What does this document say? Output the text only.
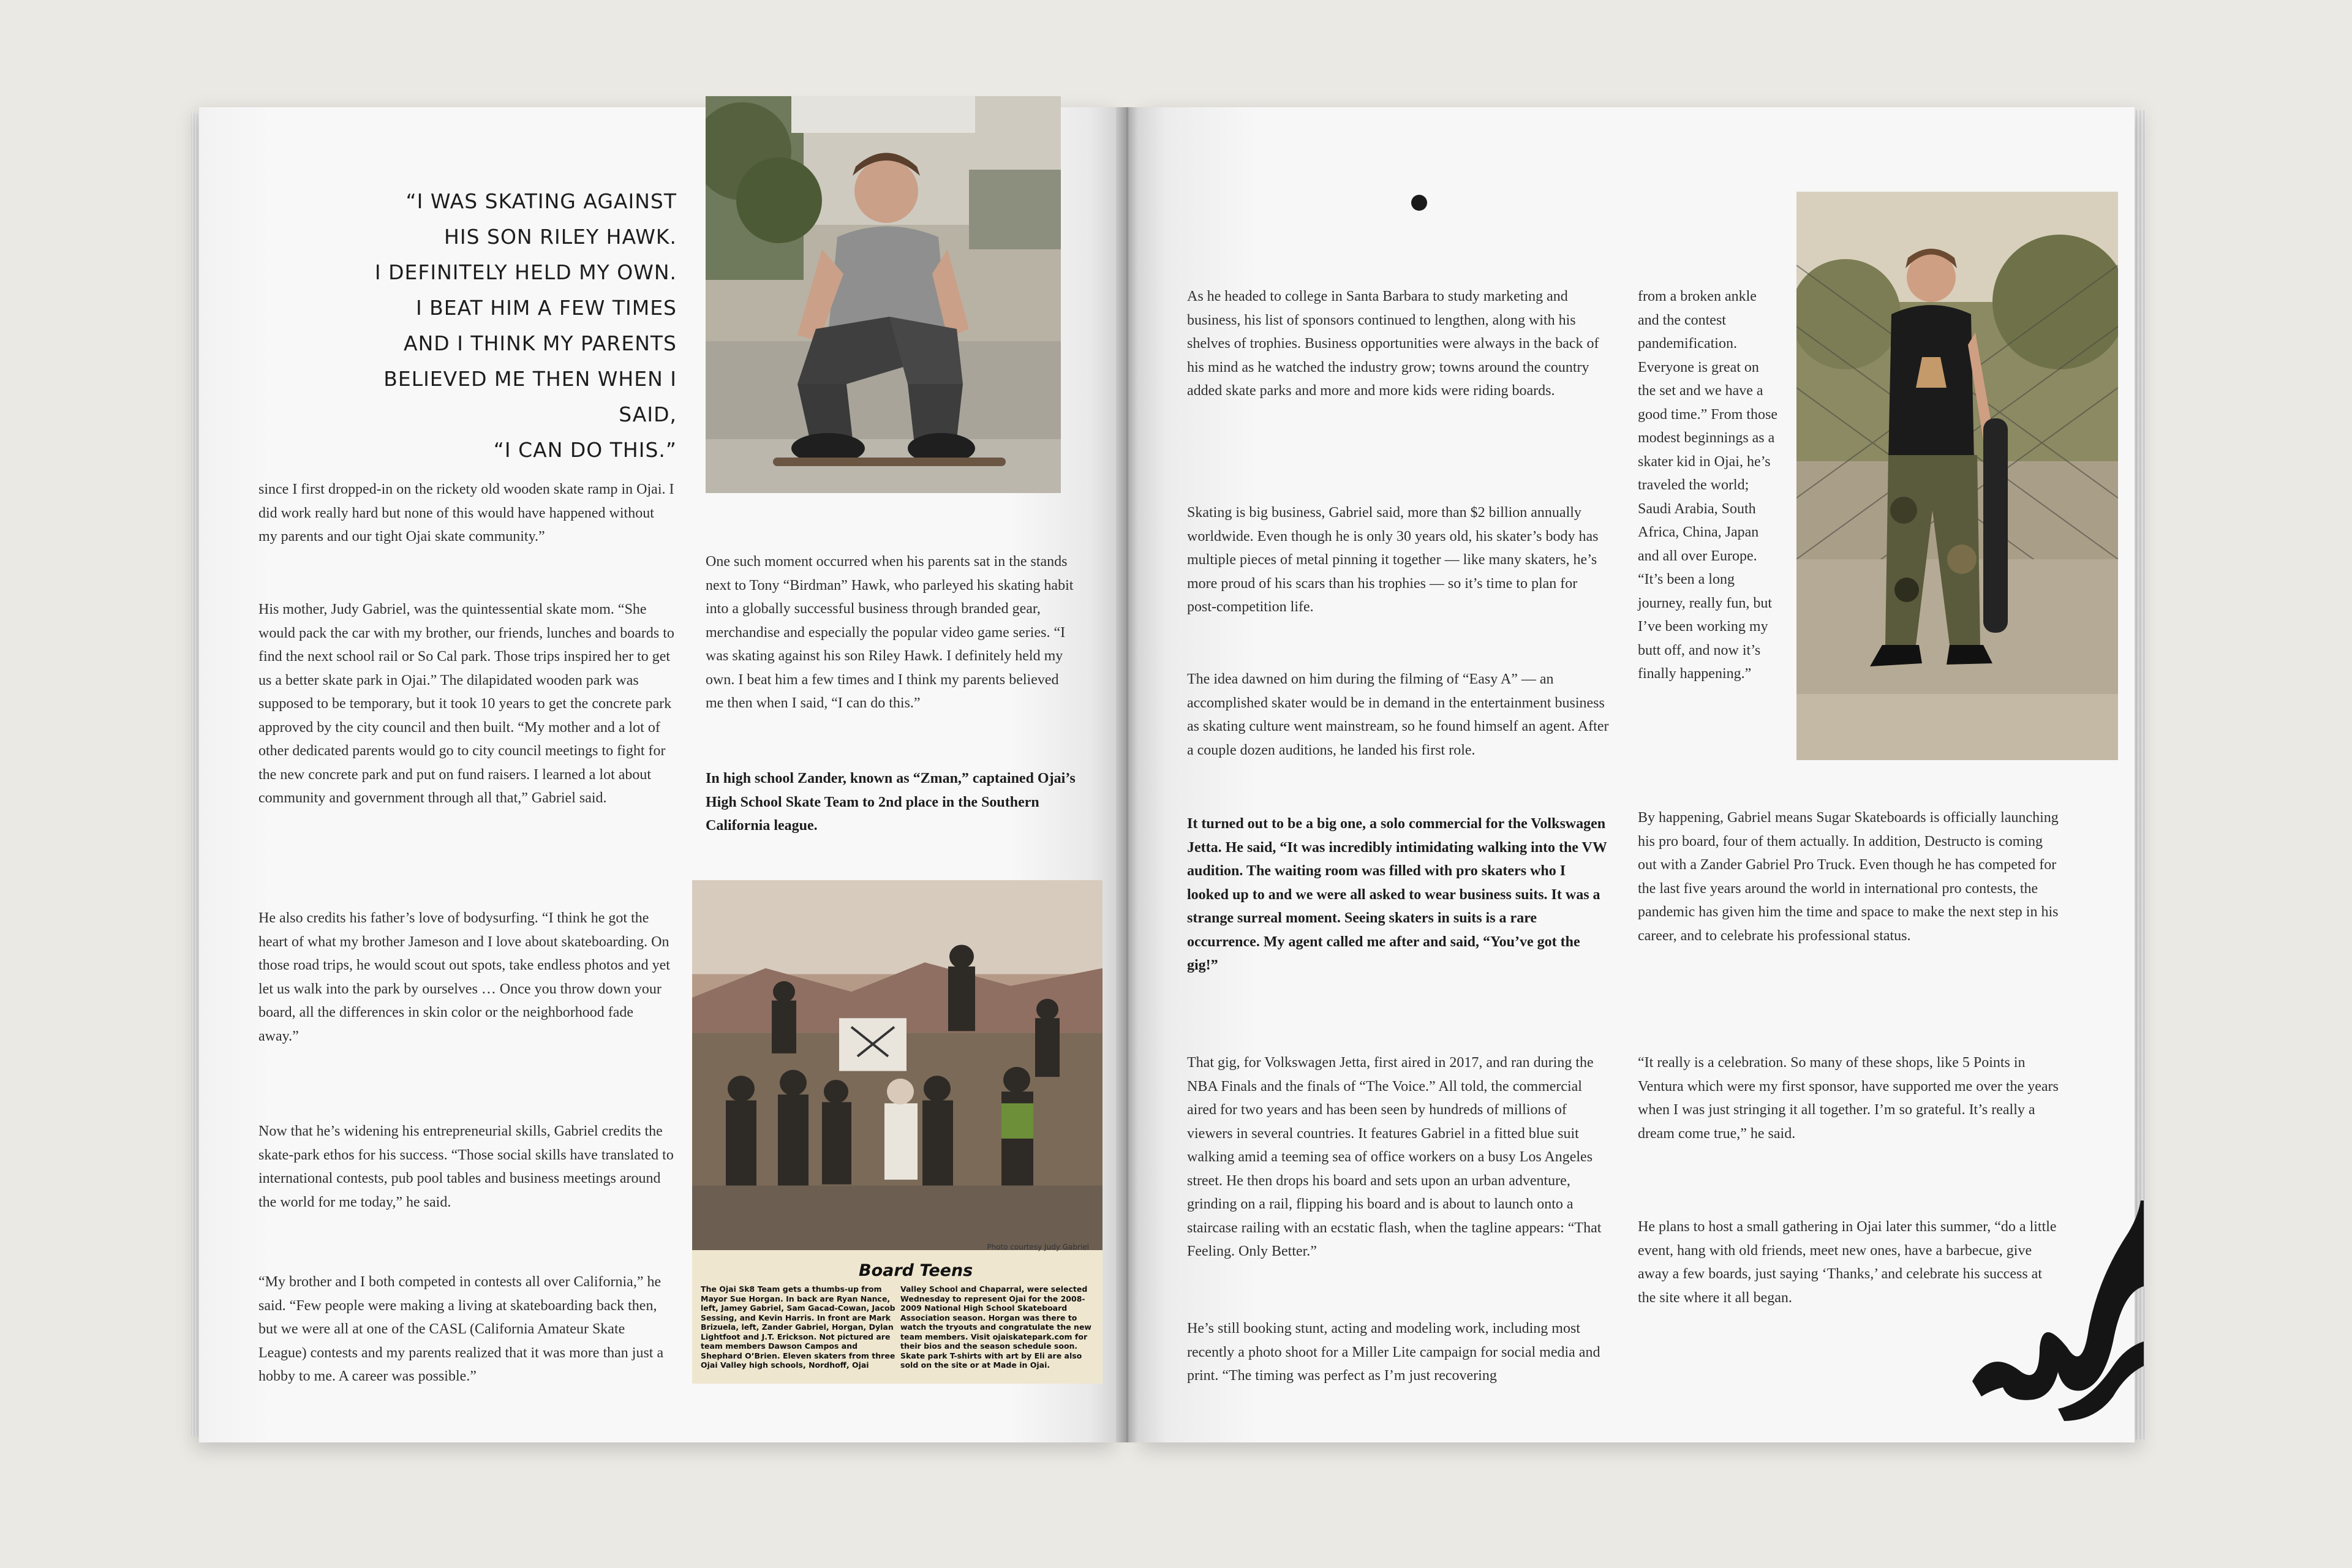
“I WAS SKATING AGAINST
HIS SON RILEY HAWK.
I DEFINITELY HELD MY OWN.
I BEAT HIM A FEW TIMES
AND I THINK MY PARENTS
BELIEVED ME THEN WHEN I SAID,
“I CAN DO THIS.”

since I first dropped-in on the rickety old wooden skate ramp in Ojai. I did work really hard but none of this would have happened without my parents and our tight Ojai skate community.”

His mother, Judy Gabriel, was the quintessential skate mom. “She would pack the car with my brother, our friends, lunches and boards to find the next school rail or So Cal park. Those trips inspired her to get us a better skate park in Ojai.” The dilapidated wooden park was supposed to be temporary, but it took 10 years to get the concrete park approved by the city council and then built. “My mother and a lot of other dedicated parents would go to city council meetings to fight for the new concrete park and put on fund raisers. I learned a lot about community and government through all that,” Gabriel said.

He also credits his father’s love of bodysurfing. “I think he got the heart of what my brother Jameson and I love about skateboarding. On those road trips, he would scout out spots, take endless photos and yet let us walk into the park by ourselves … Once you throw down your board, all the differences in skin color or the neighborhood fade away.”

Now that he’s widening his entrepreneurial skills, Gabriel credits the skate-park ethos for his success. “Those social skills have translated to international contests, pub pool tables and business meetings around the world for me today,” he said.

“My brother and I both competed in contests all over California,” he said. “Few people were making a living at skateboarding back then, but we were all at one of the CASL (California Amateur Skate League) contests and my parents realized that it was more than just a hobby to me. A career was possible.”

One such moment occurred when his parents sat in the stands next to Tony “Birdman” Hawk, who parleyed his skating habit into a globally successful business through branded gear, merchandise and especially the popular video game series. “I was skating against his son Riley Hawk. I definitely held my own. I beat him a few times and I think my parents believed me then when I said, “I can do this.”

In high school Zander, known as “Zman,” captained Ojai’s High School Skate Team to 2nd place in the Southern California league.

Photo courtesy Judy Gabriel
Board Teens

The Ojai Sk8 Team gets a thumbs-up from Mayor Sue Horgan. In back are Ryan Nance, left, Jamey Gabriel, Sam Gacad-Cowan, Jacob Sessing, and Kevin Harris. In front are Mark Brizuela, left, Zander Gabriel, Horgan, Dylan Lightfoot and J.T. Erickson. Not pictured are team members Dawson Campos and Shephard O’Brien. Eleven skaters from three Ojai Valley high schools, Nordhoff, Ojai

Valley School and Chaparral, were selected Wednesday to represent Ojai for the 2008-2009 National High School Skateboard Association season. Horgan was there to watch the tryouts and congratulate the new team members. Visit ojaiskatepark.com for their bios and the season schedule soon. Skate park T-shirts with art by Eli are also sold on the site or at Made in Ojai.

As he headed to college in Santa Barbara to study marketing and business, his list of sponsors continued to lengthen, along with his shelves of trophies. Business opportunities were always in the back of his mind as he watched the industry grow; towns around the country added skate parks and more and more kids were riding boards.

Skating is big business, Gabriel said, more than $2 billion annually worldwide. Even though he is only 30 years old, his skater’s body has multiple pieces of metal pinning it together — like many skaters, he’s more proud of his scars than his trophies — so it’s time to plan for post-competition life.

The idea dawned on him during the filming of “Easy A” — an accomplished skater would be in demand in the entertainment business as skating culture went mainstream, so he found himself an agent. After a couple dozen auditions, he landed his first role.

It turned out to be a big one, a solo commercial for the Volkswagen Jetta. He said, “It was incredibly intimidating walking into the VW audition. The waiting room was filled with pro skaters who I looked up to and we were all asked to wear business suits. It was a strange surreal moment. Seeing skaters in suits is a rare occurrence. My agent called me after and said, “You’ve got the gig!”

That gig, for Volkswagen Jetta, first aired in 2017, and ran during the NBA Finals and the finals of “The Voice.” All told, the commercial aired for two years and has been seen by hundreds of millions of viewers in several countries. It features Gabriel in a fitted blue suit walking amid a teeming sea of office workers on a busy Los Angeles street. He then drops his board and sets upon an urban adventure, grinding on a rail, flipping his board and is about to launch onto a staircase railing with an ecstatic flash, when the tagline appears: “That Feeling. Only Better.”

He’s still booking stunt, acting and modeling work, including most recently a photo shoot for a Miller Lite campaign for social media and print. “The timing was perfect as I’m just recovering

from a broken ankle and the contest pandemification. Everyone is great on the set and we have a good time.” From those modest beginnings as a skater kid in Ojai, he’s traveled the world; Saudi Arabia, South Africa, China, Japan and all over Europe. “It’s been a long journey, really fun, but I’ve been working my butt off, and now it’s finally happening.”

By happening, Gabriel means Sugar Skateboards is officially launching his pro board, four of them actually. In addition, Destructo is coming out with a Zander Gabriel Pro Truck. Even though he has competed for the last five years around the world in international pro contests, the pandemic has given him the time and space to make the next step in his career, and to celebrate his professional status.

“It really is a celebration. So many of these shops, like 5 Points in Ventura which were my first sponsor, have supported me over the years when I was just stringing it all together. I’m so grateful. It’s really a dream come true,” he said.

He plans to host a small gathering in Ojai later this summer, “do a little event, hang with old friends, meet new ones, have a barbecue, give away a few boards, just saying ‘Thanks,’ and celebrate his success at the site where it all began.
